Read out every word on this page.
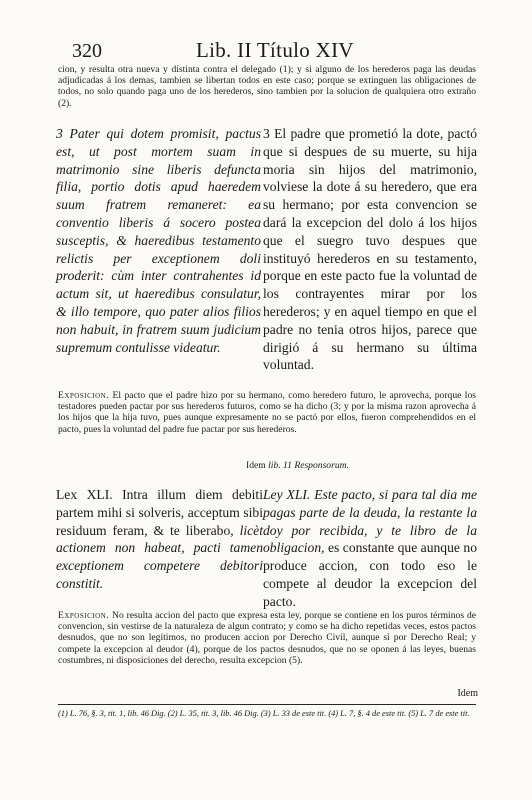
320	Lib. II Título XIV
cion, y resulta otra nueva y distinta contra el delegado (1); y si alguno de los herederos paga las deudas adjudicadas á los demas, tambien se libertan todos en este caso; porque se extinguen las obligaciones de todos, no solo quando paga uno de los herederos, sino tambien por la solucion de qualquiera otro extraño (2).
3 Pater qui dotem promisit, pactus est, ut post mortem suam in matrimonio sine liberis defuncta filia, portio dotis apud haeredem suum fratrem remaneret: ea conventio liberis á socero postea susceptis, & haeredibus testamento relictis per exceptionem doli proderit: cùm inter contrahentes id actum sit, ut haeredibus consulatur, & illo tempore, quo pater alios filios non habuit, in fratrem suum judicium supremum contulisse videatur.
3 El padre que prometió la dote, pactó que si despues de su muerte, su hija moria sin hijos del matrimonio, volviese la dote á su heredero, que era su hermano; por esta convencion se dará la excepcion del dolo á los hijos que el suegro tuvo despues que instituyó herederos en su testamento, porque en este pacto fue la voluntad de los contrayentes mirar por los herederos; y en aquel tiempo en que el padre no tenia otros hijos, parece que dirigió á su hermano su última voluntad.
Exposicion. El pacto que el padre hizo por su hermano, como heredero futuro, le aprovecha, porque los testadores pueden pactar por sus herederos futuros, como se ha dicho (3; y por la misma razon aprovecha á los hijos que la hija tuvo, pues aunque expresamente no se pactó por ellos, fueron comprehendidos en el pacto, pues la voluntad del padre fue pactar por sus herederos.
Idem lib. 11 Responsorum.
Lex XLI. Intra illum diem debiti partem mihi si solveris, acceptum sibi residuum feram, & te liberabo, licèt actionem non habeat, pacti tamen exceptionem competere debitori constitit.
Ley XLI. Este pacto, si para tal dia me pagas parte de la deuda, la restante la doy por recibida, y te libro de la obligacion, es constante que aunque no produce accion, con todo eso le compete al deudor la excepcion del pacto.
Exposicion. No resulta accion del pacto que expresa esta ley, porque se contiene en los puros términos de convencion, sin vestirse de la naturaleza de algun contrato; y como se ha dicho repetidas veces, estos pactos desnudos, que no son legítimos, no producen accion por Derecho Civil, aunque sí por Derecho Real; y compete la excepcion al deudor (4), porque de los pactos desnudos, que no se oponen á las leyes, buenas costumbres, ni disposiciones del derecho, resulta excepcion (5).
Idem
(1) L. 76, §. 3, tit. 1, lib. 46 Dig. (2) L. 35, tit. 3, lib. 46 Dig. (3) L. 33 de este tit. (4) L. 7, §. 4 de este tit. (5) L. 7 de este tit.
